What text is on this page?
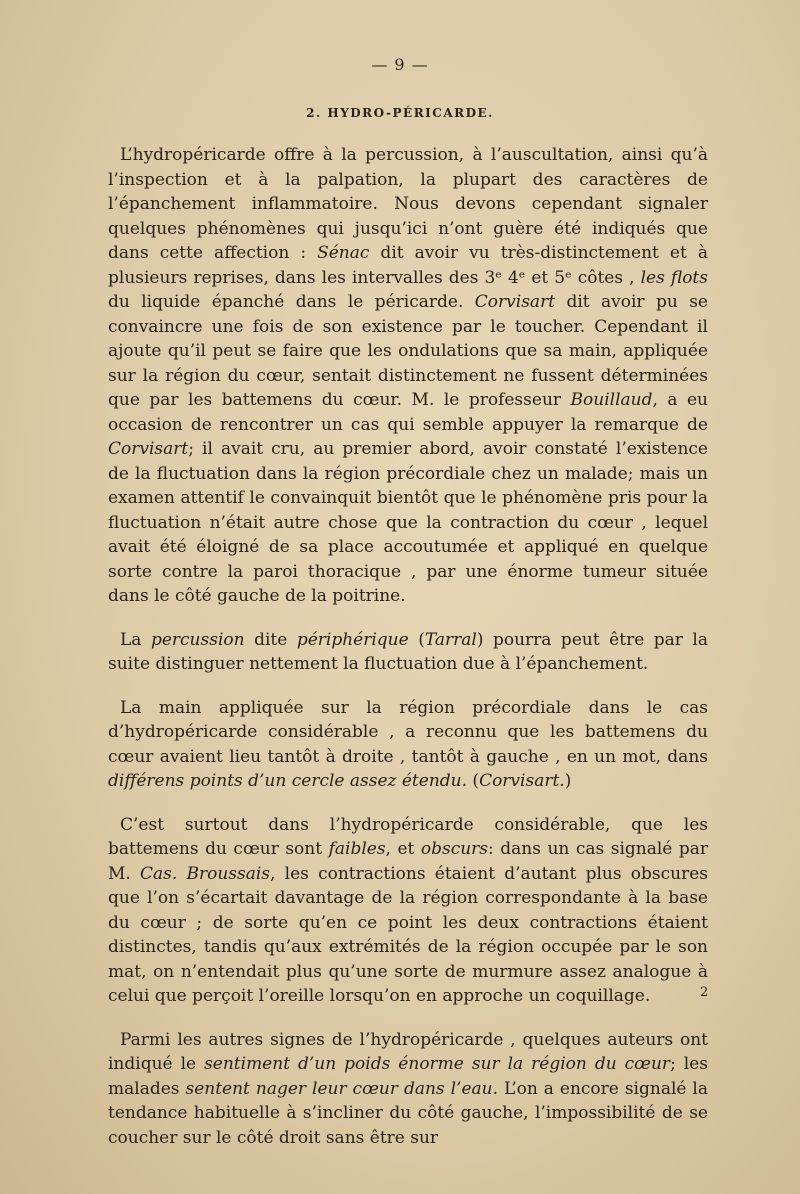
— 9 —
2. HYDRO-PÉRICARDE.

L’hydropéricarde offre à la percussion, à l’auscultation, ainsi qu’à l’inspection et à la palpation, la plupart des caractères de l’épanchement inflammatoire. Nous devons cependant signaler quelques phénomènes qui jusqu’ici n’ont guère été indiqués que dans cette affection : Sénac dit avoir vu très-distinctement et à plusieurs reprises, dans les intervalles des 3ᵉ 4ᵉ et 5ᵉ côtes , les flots du liquide épanché dans le péricarde. Corvisart dit avoir pu se convaincre une fois de son existence par le toucher. Cependant il ajoute qu’il peut se faire que les ondulations que sa main, appliquée sur la région du cœur, sentait distinctement ne fussent déterminées que par les battemens du cœur. M. le professeur Bouillaud, a eu occasion de rencontrer un cas qui semble appuyer la remarque de Corvisart; il avait cru, au premier abord, avoir constaté l’existence de la fluctuation dans la région précordiale chez un malade; mais un examen attentif le convainquit bientôt que le phénomène pris pour la fluctuation n’était autre chose que la contraction du cœur , lequel avait été éloigné de sa place accoutumée et appliqué en quelque sorte contre la paroi thoracique , par une énorme tumeur située dans le côté gauche de la poitrine.

La percussion dite périphérique (Tarral) pourra peut être par la suite distinguer nettement la fluctuation due à l’épanchement.

La main appliquée sur la région précordiale dans le cas d’hydropéricarde considérable , a reconnu que les battemens du cœur avaient lieu tantôt à droite , tantôt à gauche , en un mot, dans différens points d’un cercle assez étendu. (Corvisart.)

C’est surtout dans l’hydropéricarde considérable, que les battemens du cœur sont faibles, et obscurs: dans un cas signalé par M. Cas. Broussais, les contractions étaient d’autant plus obscures que l’on s’écartait davantage de la région correspondante à la base du cœur ; de sorte qu’en ce point les deux contractions étaient distinctes, tandis qu’aux extrémités de la région occupée par le son mat, on n’entendait plus qu’une sorte de murmure assez analogue à celui que perçoit l’oreille lorsqu’on en approche un coquillage.

Parmi les autres signes de l’hydropéricarde , quelques auteurs ont indiqué le sentiment d’un poids énorme sur la région du cœur; les malades sentent nager leur cœur dans l’eau. L’on a encore signalé la tendance habituelle à s’incliner du côté gauche, l’impossibilité de se coucher sur le côté droit sans être sur

2
